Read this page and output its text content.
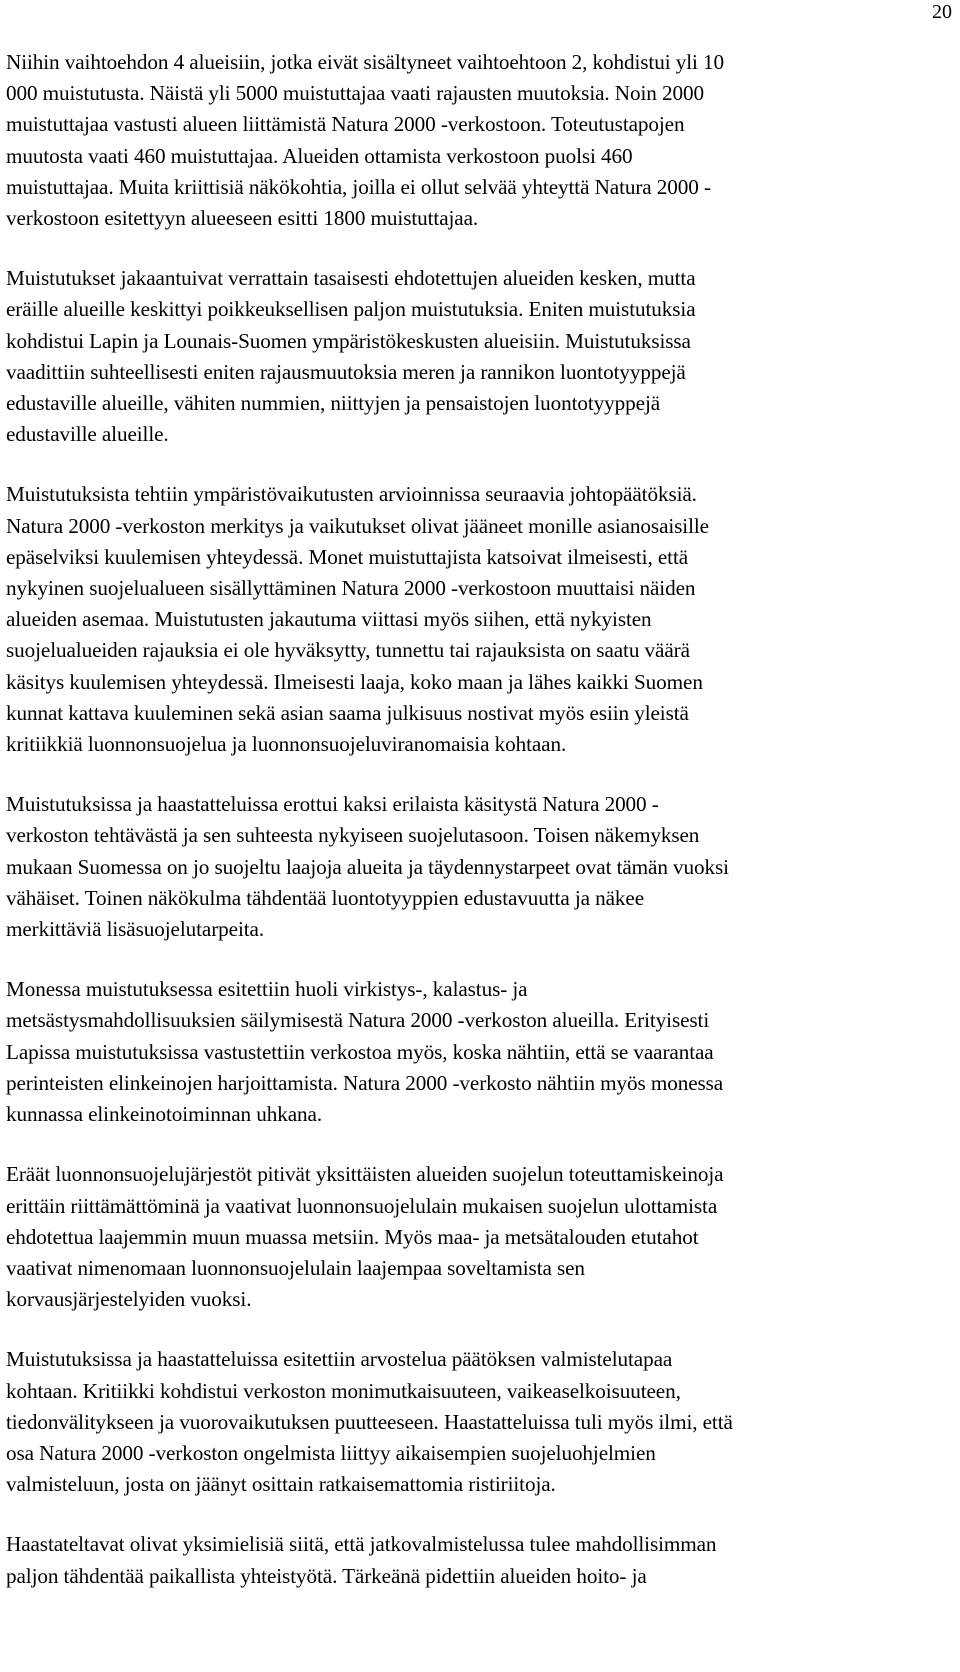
20

Niihin vaihtoehdon 4 alueisiin, jotka eivät sisältyneet vaihtoehtoon 2, kohdistui yli 10
000 muistutusta. Näistä yli 5000 muistuttajaa vaati rajausten muutoksia. Noin 2000
muistuttajaa vastusti alueen liittämistä Natura 2000 -verkostoon. Toteutustapojen
muutosta vaati 460 muistuttajaa. Alueiden ottamista verkostoon puolsi 460
muistuttajaa. Muita kriittisiä näkökohtia, joilla ei ollut selvää yhteyttä Natura 2000 -
verkostoon esitettyyn alueeseen esitti 1800 muistuttajaa.

Muistutukset jakaantuivat verrattain tasaisesti ehdotettujen alueiden kesken, mutta
eräille alueille keskittyi poikkeuksellisen paljon muistutuksia. Eniten muistutuksia
kohdistui Lapin ja Lounais-Suomen ympäristökeskusten alueisiin. Muistutuksissa
vaadittiin suhteellisesti eniten rajausmuutoksia meren ja rannikon luontotyyppejä
edustaville alueille, vähiten nummien, niittyjen ja pensaistojen luontotyyppejä
edustaville alueille.

Muistutuksista tehtiin ympäristövaikutusten arvioinnissa seuraavia johtopäätöksiä.
Natura 2000 -verkoston merkitys ja vaikutukset olivat jääneet monille asianosaisille
epäselviksi kuulemisen yhteydessä. Monet muistuttajista katsoivat ilmeisesti, että
nykyinen suojelualueen sisällyttäminen Natura 2000 -verkostoon muuttaisi näiden
alueiden asemaa. Muistutusten jakautuma viittasi myös siihen, että nykyisten
suojelualueiden rajauksia ei ole hyväksytty, tunnettu tai rajauksista on saatu väärä
käsitys kuulemisen yhteydessä. Ilmeisesti laaja, koko maan ja lähes kaikki Suomen
kunnat kattava kuuleminen sekä asian saama julkisuus nostivat myös esiin yleistä
kritiikkiä luonnonsuojelua ja luonnonsuojeluviranomaisia kohtaan.

Muistutuksissa ja haastatteluissa erottui kaksi erilaista käsitystä Natura 2000 -
verkoston tehtävästä ja sen suhteesta nykyiseen suojelutasoon. Toisen näkemyksen
mukaan Suomessa on jo suojeltu laajoja alueita ja täydennystarpeet ovat tämän vuoksi
vähäiset. Toinen näkökulma tähdentää luontotyyppien edustavuutta ja näkee
merkittäviä lisäsuojelutarpeita.

Monessa muistutuksessa esitettiin huoli virkistys-, kalastus- ja
metsästysmahdollisuuksien säilymisestä Natura 2000 -verkoston alueilla. Erityisesti
Lapissa muistutuksissa vastustettiin verkostoa myös, koska nähtiin, että se vaarantaa
perinteisten elinkeinojen harjoittamista. Natura 2000 -verkosto nähtiin myös monessa
kunnassa elinkeinotoiminnan uhkana.

Eräät luonnonsuojelujärjestöt pitivät yksittäisten alueiden suojelun toteuttamiskeinoja
erittäin riittämättöminä ja vaativat luonnonsuojelulain mukaisen suojelun ulottamista
ehdotettua laajemmin muun muassa metsiin. Myös maa- ja metsätalouden etutahot
vaativat nimenomaan luonnonsuojelulain laajempaa soveltamista sen
korvausjärjestelyiden vuoksi.

Muistutuksissa ja haastatteluissa esitettiin arvostelua päätöksen valmistelutapaa
kohtaan. Kritiikki kohdistui verkoston monimutkaisuuteen, vaikeaselkoisuuteen,
tiedonvälitykseen ja vuorovaikutuksen puutteeseen. Haastatteluissa tuli myös ilmi, että
osa Natura 2000 -verkoston ongelmista liittyy aikaisempien suojeluohjelmien
valmisteluun, josta on jäänyt osittain ratkaisemattomia ristiriitoja.

Haastateltavat olivat yksimielisiä siitä, että jatkovalmistelussa tulee mahdollisimman
paljon tähdentää paikallista yhteistyötä. Tärkeänä pidettiin alueiden hoito- ja
